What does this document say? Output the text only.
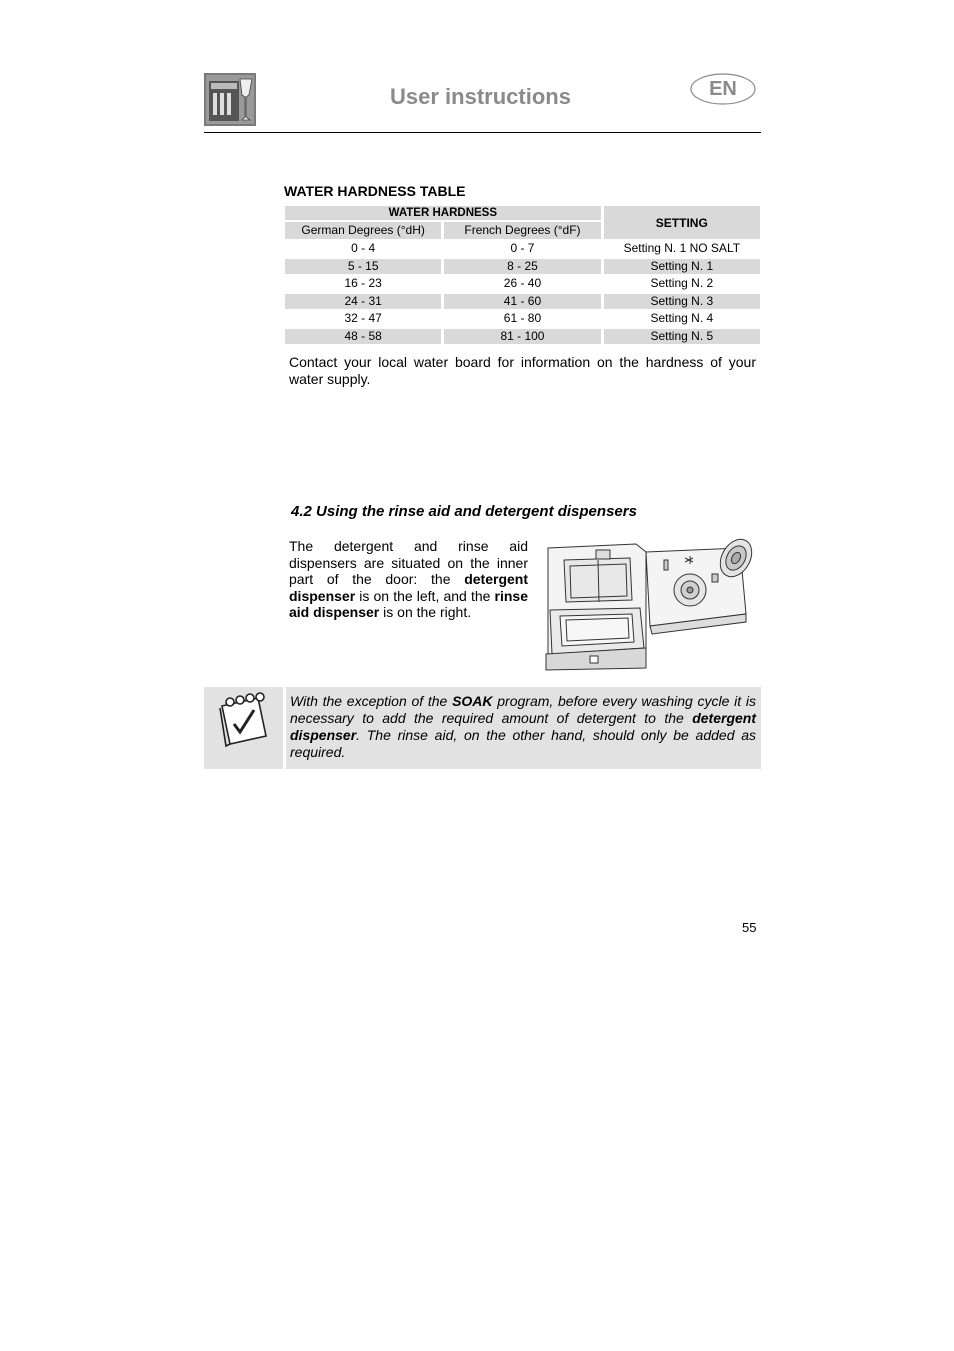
User instructions	EN
WATER HARDNESS TABLE
WATER HARDNESS		SETTING
German Degrees (°dH)	French Degrees (°dF)	
0 - 4	0 - 7	Setting N. 1 NO SALT
5 - 15	8 - 25	Setting N. 1
16 - 23	26 - 40	Setting N. 2
24 - 31	41 - 60	Setting N. 3
32 - 47	61 - 80	Setting N. 4
48 - 58	81 - 100	Setting N. 5
Contact your local water board for information on the hardness of your water supply.
4.2 Using the rinse aid and detergent dispensers
The detergent and rinse aid dispensers are situated on the inner part of the door: the detergent dispenser is on the left, and the rinse aid dispenser is on the right.
With the exception of the SOAK program, before every washing cycle it is necessary to add the required amount of detergent to the detergent dispenser. The rinse aid, on the other hand, should only be added as required.
55
